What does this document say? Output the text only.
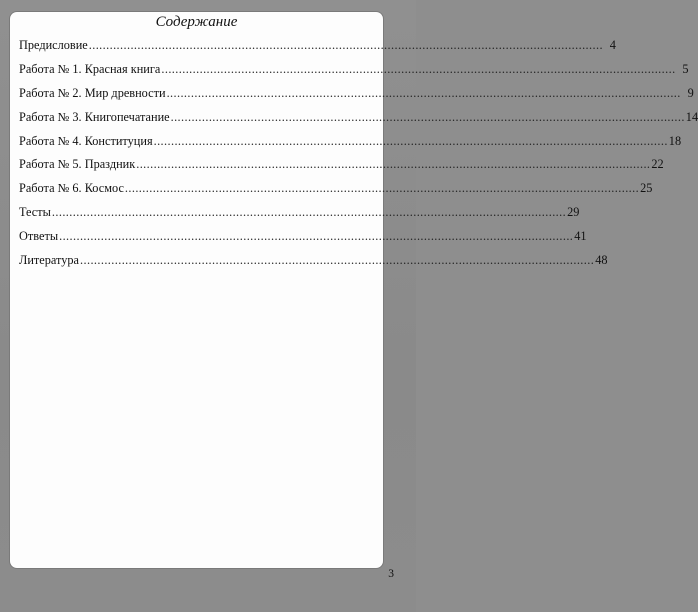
Содержание
Предисловие .................................................................................................................................................... 4
Работа № 1. Красная книга .................................................................................................................................................... 5
Работа № 2. Мир древности .................................................................................................................................................... 9
Работа № 3. Книгопечатание .................................................................................................................................................... 14
Работа № 4. Конституция .................................................................................................................................................... 18
Работа № 5. Праздник .................................................................................................................................................... 22
Работа № 6. Космос .................................................................................................................................................... 25
Тесты .................................................................................................................................................... 29
Ответы .................................................................................................................................................... 41
Литература .................................................................................................................................................... 48
3
